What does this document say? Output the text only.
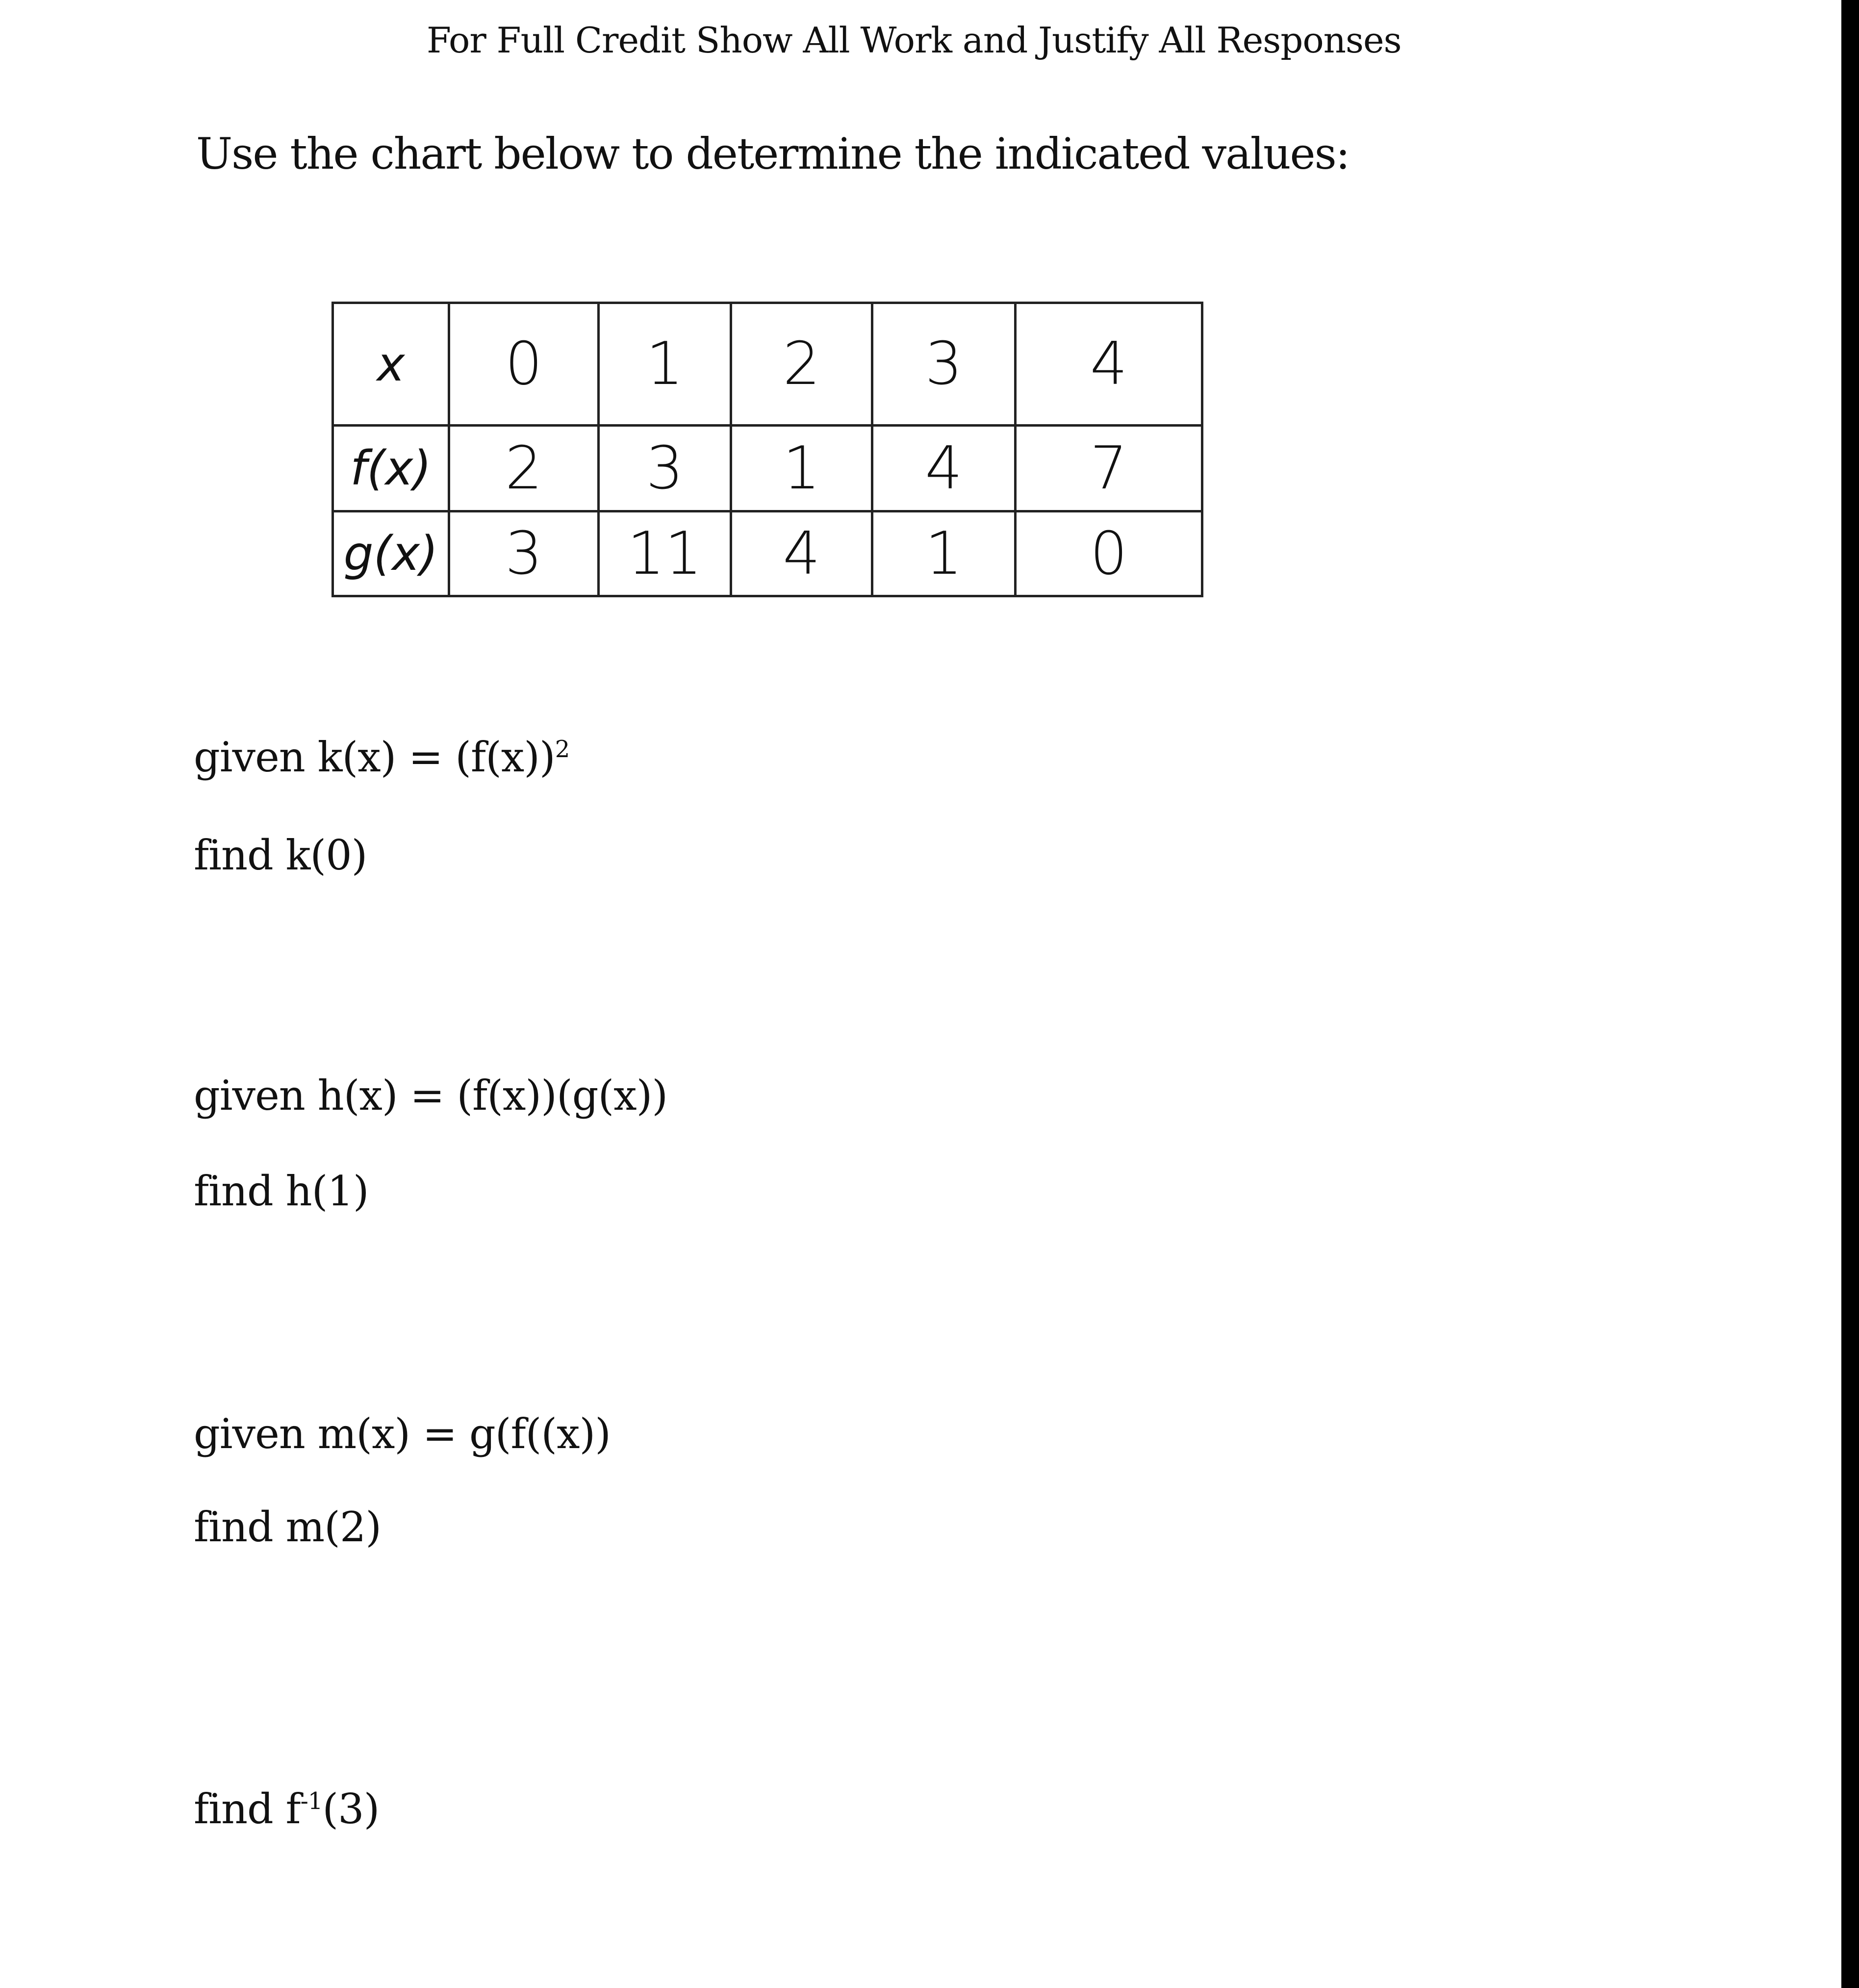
For Full Credit Show All Work and Justify All Responses
Use the chart below to determine the indicated values:
x	0	1	2	3	4
f(x)	2	3	1	4	7
g(x)	3	11	4	1	0
given $k(x) = (f(x))^2$
find k(0)
given h(x) = (f(x))(g(x))
find h(1)
given m(x) = g(f((x))
find m(2)
find $f^{-1}(3)$
